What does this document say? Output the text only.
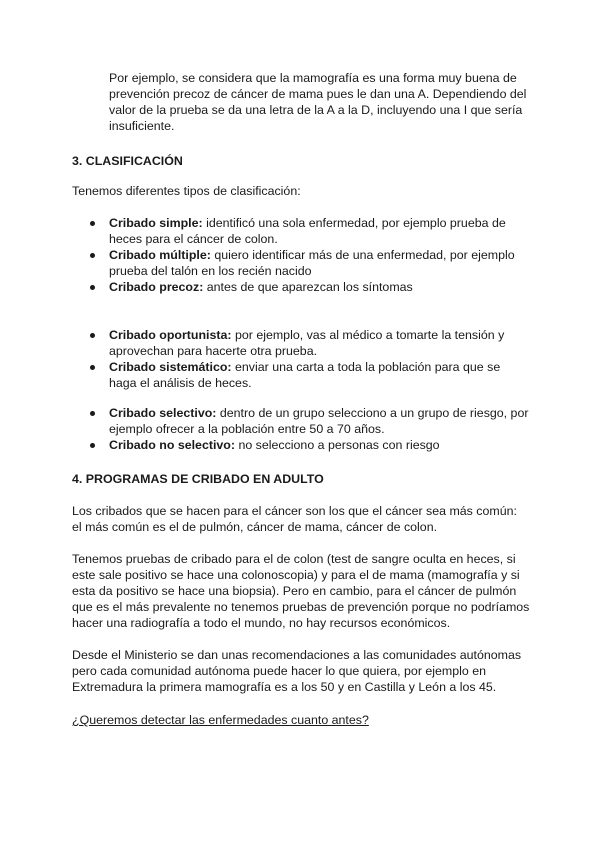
Por ejemplo, se considera que la mamografía es una forma muy buena de prevención precoz de cáncer de mama pues le dan una A. Dependiendo del valor de la prueba se da una letra de la A a la D, incluyendo una I que sería insuficiente.

3. CLASIFICACIÓN

Tenemos diferentes tipos de clasificación:

Cribado simple: identificó una sola enfermedad, por ejemplo prueba de heces para el cáncer de colon.
Cribado múltiple: quiero identificar más de una enfermedad, por ejemplo prueba del talón en los recién nacido
Cribado precoz: antes de que aparezcan los síntomas
Cribado oportunista: por ejemplo, vas al médico a tomarte la tensión y aprovechan para hacerte otra prueba.
Cribado sistemático: enviar una carta a toda la población para que se haga el análisis de heces.
Cribado selectivo: dentro de un grupo selecciono a un grupo de riesgo, por ejemplo ofrecer a la población entre 50 a 70 años.
Cribado no selectivo: no selecciono a personas con riesgo

4. PROGRAMAS DE CRIBADO EN ADULTO

Los cribados que se hacen para el cáncer son los que el cáncer sea más común: el más común es el de pulmón, cáncer de mama, cáncer de colon.

Tenemos pruebas de cribado para el de colon (test de sangre oculta en heces, si este sale positivo se hace una colonoscopia) y para el de mama (mamografía y si esta da positivo se hace una biopsia). Pero en cambio, para el cáncer de pulmón que es el más prevalente no tenemos pruebas de prevención porque no podríamos hacer una radiografía a todo el mundo, no hay recursos económicos.

Desde el Ministerio se dan unas recomendaciones a las comunidades autónomas pero cada comunidad autónoma puede hacer lo que quiera, por ejemplo en Extremadura la primera mamografía es a los 50 y en Castilla y León a los 45.

¿Queremos detectar las enfermedades cuanto antes?
